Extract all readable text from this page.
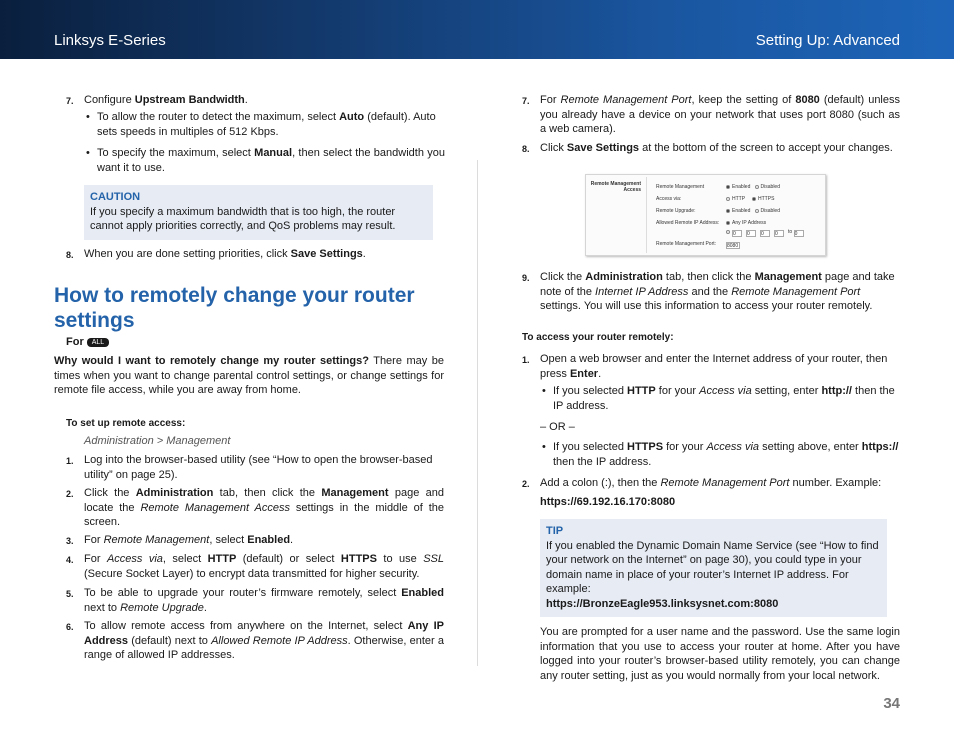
Linksys E-Series	Setting Up: Advanced
7. Configure Upstream Bandwidth.

• To allow the router to detect the maximum, select Auto (default). Auto sets speeds in multiples of 512 Kbps.

• To specify the maximum, select Manual, then select the bandwidth you want it to use.

CAUTION
If you specify a maximum bandwidth that is too high, the router cannot apply priorities correctly, and QoS problems may result.
8. When you are done setting priorities, click Save Settings.

How to remotely change your router settings

For ALL

Why would I want to remotely change my router settings? There may be times when you want to change parental control settings, or change settings for remote file access, while you are away from home.

To set up remote access:

Administration > Management

1. Log into the browser-based utility (see “How to open the browser-based utility” on page 25).

2. Click the Administration tab, then click the Management page and locate the Remote Management Access settings in the middle of the screen.

3. For Remote Management, select Enabled.

4. For Access via, select HTTP (default) or select HTTPS to use SSL (Secure Socket Layer) to encrypt data transmitted for higher security.

5. To be able to upgrade your router’s firmware remotely, select Enabled next to Remote Upgrade.

6. To allow remote access from anywhere on the Internet, select Any IP Address (default) next to Allowed Remote IP Address. Otherwise, enter a range of allowed IP addresses.

7. For Remote Management Port, keep the setting of 8080 (default) unless you already have a device on your network that uses port 8080 (such as a web camera).

8. Click Save Settings at the bottom of the screen to accept your changes.

Remote Management Access	Remote Management	Enabled Disabled
Access via:	HTTP	HTTPS
Remote Upgrade:	Enabled Disabled
Allowed Remote IP Address:	Any IP Address
0 0 0 0 to 0
Remote Management Port: 8080
9. Click the Administration tab, then click the Management page and take note of the Internet IP Address and the Remote Management Port settings. You will use this information to access your router remotely.

To access your router remotely:

1. Open a web browser and enter the Internet address of your router, then press Enter.

• If you selected HTTP for your Access via setting, enter http:// then the IP address.

– OR –

• If you selected HTTPS for your Access via setting above, enter https:// then the IP address.

2. Add a colon (:), then the Remote Management Port number. Example:

https://69.192.16.170:8080

TIP
If you enabled the Dynamic Domain Name Service (see “How to find your network on the Internet” on page 30), you could type in your domain name in place of your router’s Internet IP address. For example:
https://BronzeEagle953.linksysnet.com:8080

You are prompted for a user name and the password. Use the same login information that you use to access your router at home. After you have logged into your router’s browser-based utility remotely, you can change any router setting, just as you would normally from your local network.

34
